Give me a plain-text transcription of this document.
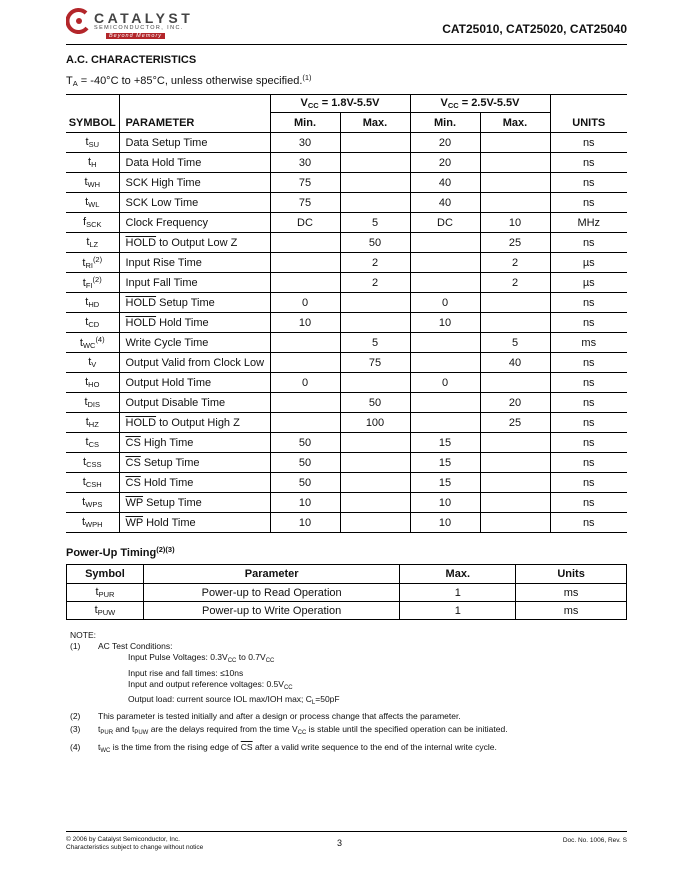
CATALYST
SEMICONDUCTOR, INC.
Beyond Memory	CAT25010, CAT25020, CAT25040
A.C. CHARACTERISTICS
$T_A = -40^\circ C$ to +85°C, unless otherwise specified.$^{(1)}$
SYMBOL	PARAMETER	$V_{CC} = 1.8V-5.5V$		$V_{CC} = 2.5V-5.5V$		UNITS
		Min.	Max.	Min.	Max.	
$t_{SU}$	Data Setup Time	30		20		ns
$t_H$	Data Hold Time	30		20		ns
$t_{WH}$	SCK High Time	75		40		ns
$t_{WL}$	SCK Low Time	75		40		ns
$f_{SCK}$	Clock Frequency	DC	5	DC	10	MHz
$t_{LZ}$	HOLD to Output Low Z		50		25	ns
$t_{RI}^{(2)}$	Input Rise Time		2		2	µs
$t_{FI}^{(2)}$	Input Fall Time		2		2	µs
$t_{HD}$	HOLD Setup Time	0		0		ns
$t_{CD}$	HOLD Hold Time	10		10		ns
$t_{WC}^{(4)}$	Write Cycle Time		5		5	ms
$t_V$	Output Valid from Clock Low		75		40	ns
$t_{HO}$	Output Hold Time	0		0		ns
$t_{DIS}$	Output Disable Time		50		20	ns
$t_{HZ}$	HOLD to Output High Z		100		25	ns
$t_{CS}$	$\overline{CS}$ High Time	50		15		ns
$t_{CSS}$	$\overline{CS}$ Setup Time	50		15		ns
$t_{CSH}$	$\overline{CS}$ Hold Time	50		15		ns
$t_{WPS}$	$\overline{WP}$ Setup Time	10		10		ns
$t_{WPH}$	$\overline{WP}$ Hold Time	10		10		ns
Power-Up Timing$^{(2)(3)}$
Symbol	Parameter	Max.	Units
$t_{PUR}$	Power-up to Read Operation	1	ms
$t_{PUW}$	Power-up to Write Operation	1	ms
NOTE:
(1)	AC Test Conditions:
Input Pulse Voltages: $0.3V_{CC}$ to $0.7V_{CC}$
Input rise and fall times: ≤10ns
Input and output reference voltages: $0.5V_{CC}$
Output load: current source IOL max/IOH max; $C_L=50pF$
(2)	This parameter is tested initially and after a design or process change that affects the parameter.
(3)	$t_{PUR}$ and $t_{PUW}$ are the delays required from the time $V_{CC}$ is stable until the specified operation can be initiated.
(4)	$t_{WC}$ is the time from the rising edge of $\overline{CS}$ after a valid write sequence to the end of the internal write cycle.
© 2006 by Catalyst Semiconductor, Inc.
Characteristics subject to change without notice	3	Doc. No. 1006, Rev. S
